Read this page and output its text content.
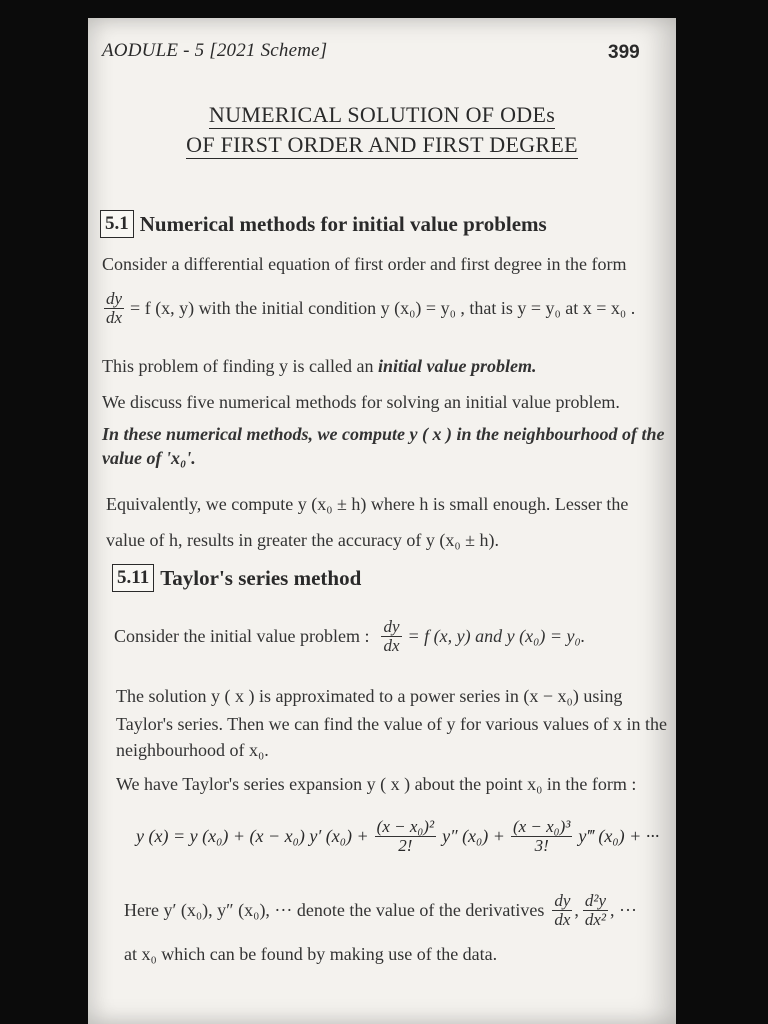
AODULE - 5 [2021 Scheme]	399
NUMERICAL SOLUTION OF ODEs
OF FIRST ORDER AND FIRST DEGREE
5.1 Numerical methods for initial value problems
Consider a differential equation of first order and first degree in the form
$\frac{dy}{dx} = f$ (x, y) with the initial condition y (x₀) = y₀ , that is y = y₀ at x = x₀ .
This problem of finding y is called an initial value problem.
We discuss five numerical methods for solving an initial value problem.
In these numerical methods, we compute y ( x ) in the neighbourhood of the
value of 'x₀'.
Equivalently, we compute y (x₀ ± h) where h is small enough. Lesser the
value of h, results in greater the accuracy of y (x₀ ± h).
5.11 Taylor's series method
Consider the initial value problem : $\frac{dy}{dx} = f$ (x, y) and y (x₀) = y₀.
The solution y ( x ) is approximated to a power series in (x − x₀) using
Taylor's series. Then we can find the value of y for various values of x in the
neighbourhood of x₀.
We have Taylor's series expansion y ( x ) about the point x₀ in the form :
y (x) = y (x₀) + (x − x₀) y′ $(x_0) + \frac{\text{(x − x₀)²}}{2!} y''$ $(x_0) + \frac{\text{(x − x₀)³}}{3!}$ y‴ (x₀) + ···
Here y′ (x₀), y″ (x₀), ··· denote the value of the derivatives $\frac{dy}{dx}$ , $\frac{\text{d²y}}{\text{dx²}}$ , ···
at x₀ which can be found by making use of the data.
